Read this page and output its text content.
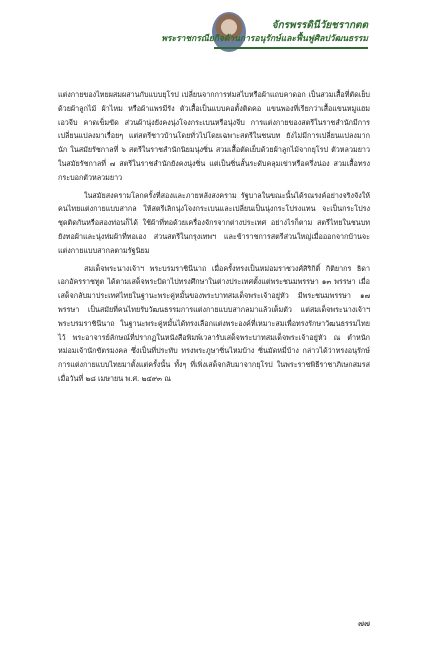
จักรพรรดินีวัยชรากตต
พระราชกรณียกิจด้านการอนุรักษ์และฟื้นฟูศิลปวัฒนธรรม

แต่งกายของไทยผสมผสานกับแบบยุโรป เปลี่ยนจากการห่มสไบหรือผ้าแถบคาดอก เป็นสวมเสื้อที่ตัดเย็บด้วยผ้าลูกไม้ ผ้าไหม หรือผ้าแพรมีรัง ตัวเสื้อเป็นแบบคอตั้งติดคอ แขนพองที่เรียกว่าเสื้อแขนหมูแฮม เอวจีบ คาดเข็มขัด ส่วนผ้านุ่งยังคงนุ่งโจงกระเบนหรือนุ่งจีบ การแต่งกายของสตรีในราชสำนักมีการเปลี่ยนแปลงมาเรื่อยๆ แต่สตรีชาวบ้านโดยทั่วไปโดยเฉพาะสตรีในชนบท ยังไม่มีการเปลี่ยนแปลงมากนัก ในสมัยรัชกาลที่ ๖ สตรีในราชสำนักนิยมนุ่งซิ่น สวมเสื้อตัดเย็บด้วยผ้าลูกไม้จากยุโรป ตัวหลวมยาว ในสมัยรัชกาลที่ ๗ สตรีในราชสำนักยังคงนุ่งซิ่น แต่เป็นซิ่นสั้นระดับคลุมเข่าหรือครึ่งน่อง สวมเสื้อทรงกระบอกตัวหลวมยาว

ในสมัยสงครามโลกครั้งที่สองและภายหลังสงคราม รัฐบาลในขณะนั้นได้รณรงค์อย่างจริงจังให้คนไทยแต่งกายแบบสากล ให้สตรีเลิกนุ่งโจงกระเบนและเปลี่ยนเป็นนุ่งกระโปรงแทน จะเป็นกระโปรงชุดติดกันหรือสองท่อนก็ได้ ใช้ผ้าที่ทอด้วยเครื่องจักรจากต่างประเทศ อย่างไรก็ตาม สตรีไทยในชนบทยังทอผ้าและนุ่งห่มผ้าที่ทอเอง ส่วนสตรีในกรุงเทพฯ และข้าราชการสตรีส่วนใหญ่เมื่อออกจากบ้านจะแต่งกายแบบสากลตามรัฐนิยม

สมเด็จพระนางเจ้าฯ พระบรมราชินีนาถ เมื่อครั้งทรงเป็นหม่อมราชวงศ์สิริกิติ์ กิติยากร ธิดาเอกอัครราชทูต ได้ตามเสด็จพระบิดาไปทรงศึกษาในต่างประเทศตั้งแต่พระชนมพรรษา ๑๓ พรรษา เมื่อเสด็จกลับมาประเทศไทยในฐานะพระคู่หมั้นของพระบาทสมเด็จพระเจ้าอยู่หัว มีพระชนมพรรษา ๑๗ พรรษา เป็นสมัยที่คนไทยรับวัฒนธรรมการแต่งกายแบบสากลมาแล้วเต็มตัว แต่สมเด็จพระนางเจ้าฯ พระบรมราชินีนาถ ในฐานะพระคู่หมั้นได้ทรงเลือกแต่งพระองค์ที่เหมาะสมเพื่อทรงรักษาวัฒนธรรมไทยไว้ พระอาจารย์ลักษณ์ที่ปรากฏในหนังสือพิมพ์เวลารับเสด็จพระบาทสมเด็จพระเจ้าอยู่หัว ณ ตำหนักหม่อมเจ้านักขัตรมงคล ซึ่งเป็นที่ประทับ ทรงพระภูษาซิ่นไหมบ้าง ซิ่นมัดหมี่บ้าง กล่าวได้ว่าทรงอนุรักษ์การแต่งกายแบบไทยมาตั้งแต่ครั้งนั้น ทั้งๆ ที่เพิ่งเสด็จกลับมาจากยุโรป ในพระราชพิธีราชาภิเษกสมรส เมื่อวันที่ ๒๘ เมษายน พ.ศ. ๒๔๙๓ ณ

๗๗
